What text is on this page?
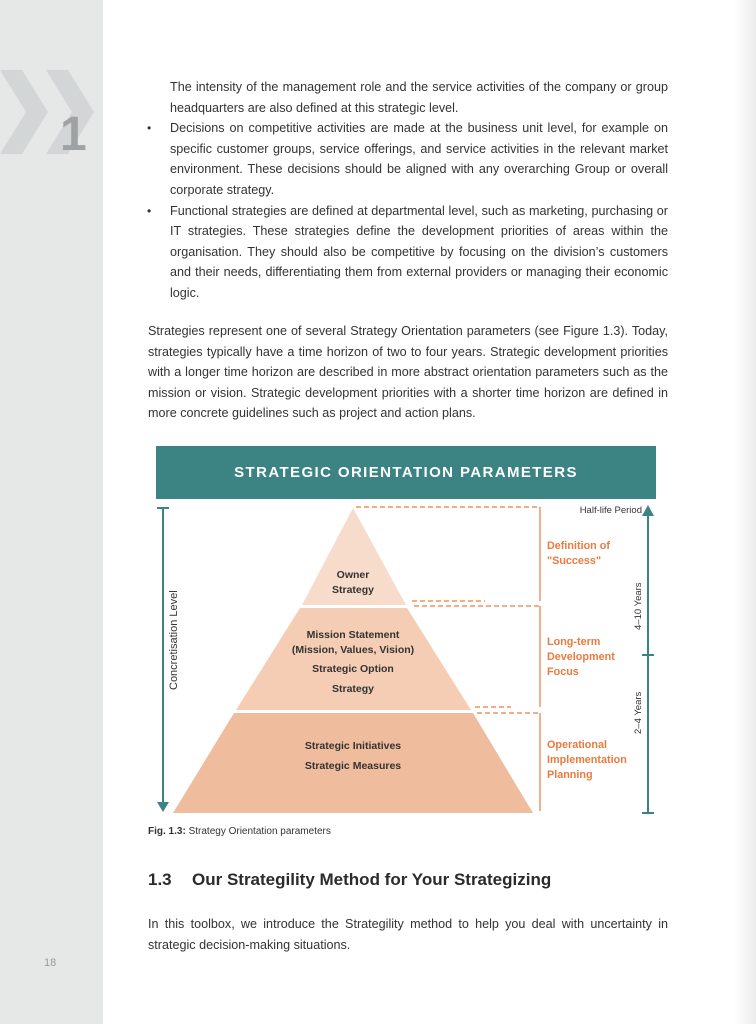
1
18

The intensity of the management role and the service activities of the company or group headquarters are also defined at this strategic level.

• Decisions on competitive activities are made at the business unit level, for example on specific customer groups, service offerings, and service activities in the relevant market environment. These decisions should be aligned with any overarching Group or overall corporate strategy.

• Functional strategies are defined at departmental level, such as marketing, purchasing or IT strategies. These strategies define the development priorities of areas within the organisation. They should also be competitive by focusing on the division’s customers and their needs, differentiating them from external providers or managing their economic logic.

Strategies represent one of several Strategy Orientation parameters (see Figure 1.3). Today, strategies typically have a time horizon of two to four years. Strategic development priorities with a longer time horizon are described in more abstract orientation parameters such as the mission or vision. Strategic development priorities with a shorter time horizon are defined in more concrete guidelines such as project and action plans.

Concretisation Level
Half-life Period
4–10 Years
2–4 Years
Owner
Strategy
Mission Statement
(Mission, Values, Vision)
Strategic Option
Strategy
Strategic Initiatives
Strategic Measures
Definition of
"Success"
Long-term
Development
Focus
Operational
Implementation
Planning
STRATEGIC ORIENTATION PARAMETERS
Fig. 1.3: Strategy Orientation parameters
1.3 Our Strategility Method for Your Strategizing

In this toolbox, we introduce the Strategility method to help you deal with uncertainty in strategic decision-making situations.
